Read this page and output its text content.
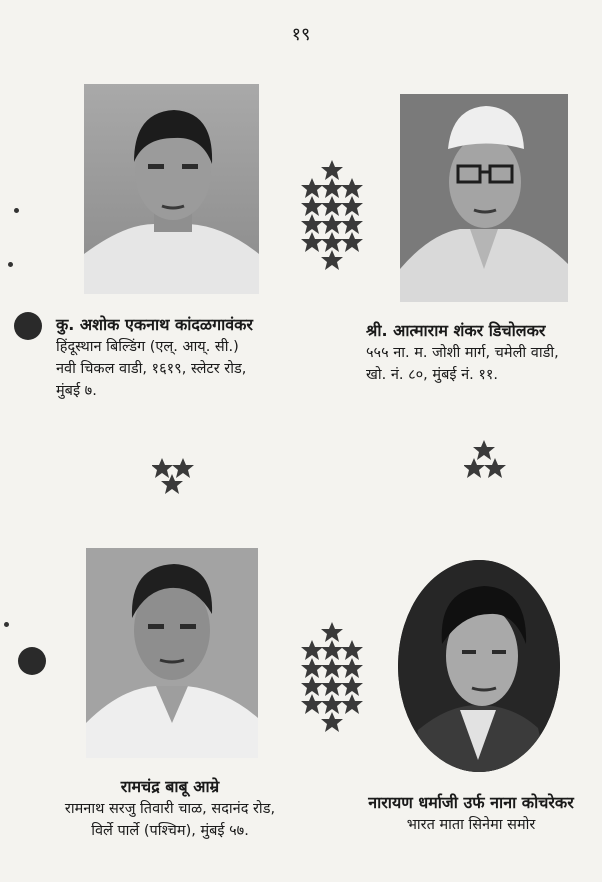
१९
कु. अशोक एकनाथ कांदळगावंकर
हिंदूस्थान बिल्डिंग (एल्. आय्. सी.)
नवी चिकल वाडी, १६१९, स्लेटर रोड,
मुंबई ७.
श्री. आत्माराम शंकर डिचोलकर
५५५ ना. म. जोशी मार्ग, चमेली वाडी,
खो. नं. ८०, मुंबई नं. ११.
रामचंद्र बाबू आम्रे
रामनाथ सरजु तिवारी चाळ, सदानंद रोड,
विर्ले पार्ले (पश्चिम), मुंबई ५७.
नारायण धर्माजी उर्फ नाना कोचरेकर
भारत माता सिनेमा समोर
